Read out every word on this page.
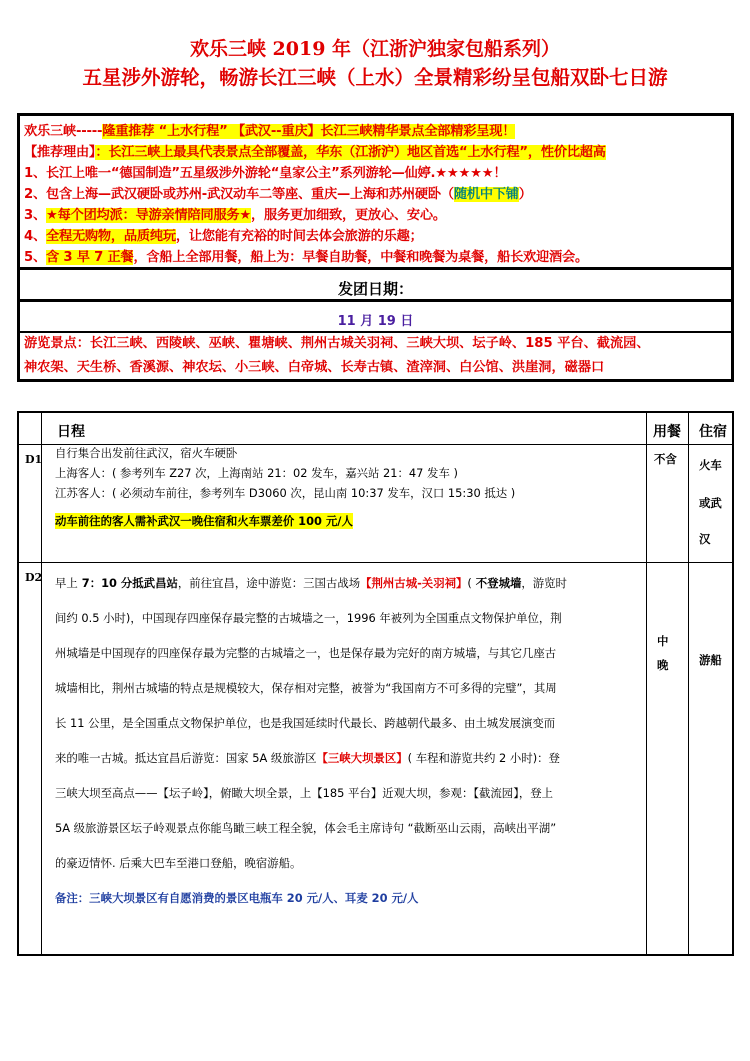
欢乐三峡 2019 年（江浙沪独家包船系列）
五星涉外游轮，畅游长江三峡（上水）全景精彩纷呈包船双卧七日游
欢乐三峡-----隆重推荐 “上水行程” 【武汉--重庆】长江三峡精华景点全部精彩呈现！
【推荐理由】：长江三峡上最具代表景点全部覆盖，华东（江浙沪）地区首选“上水行程”，性价比超高
1、长江上唯一“德国制造”五星级涉外游轮“皇家公主”系列游轮—仙婷.★★★★★！
2、包含上海—武汉硬卧或苏州-武汉动车二等座、重庆—上海和苏州硬卧（随机中下铺）
3、★每个团均派：导游亲情陪同服务★，服务更加细致，更放心、安心。
4、全程无购物，品质纯玩，让您能有充裕的时间去体会旅游的乐趣；
5、含 3 早 7 正餐，含船上全部用餐，船上为：早餐自助餐，中餐和晚餐为桌餐，船长欢迎酒会。
发团日期：
11 月 19 日
游览景点：长江三峡、西陵峡、巫峡、瞿塘峡、荆州古城关羽祠、三峡大坝、坛子岭、185 平台、截流园、
神农架、天生桥、香溪源、神农坛、小三峡、白帝城、长寿古镇、渣滓洞、白公馆、洪崖洞，磁器口
日程	用餐 住宿
D1 自行集合出发前往武汉，宿火车硬卧
上海客人：( 参考列车 Z27 次，上海南站 21：02 发车，嘉兴站 21：47 发车 )
江苏客人：( 必须动车前往，参考列车 D3060 次，昆山南 10:37 发车，汉口 15:30 抵达 )
动车前往的客人需补武汉一晚住宿和火车票差价 100 元/人
不含 火车
或武
汉
D2 早上 7：10 分抵武昌站，前往宜昌，途中游览：三国古战场【荆州古城-关羽祠】( 不登城墙，游览时
间约 0.5 小时)，中国现存四座保存最完整的古城墙之一，1996 年被列为全国重点文物保护单位，荆
州城墙是中国现存的四座保存最为完整的古城墙之一，也是保存最为完好的南方城墙，与其它几座古
城墙相比，荆州古城墙的特点是规模较大，保存相对完整，被誉为“我国南方不可多得的完璧”，其周
长 11 公里，是全国重点文物保护单位，也是我国延续时代最长、跨越朝代最多、由土城发展演变而
来的唯一古城。抵达宜昌后游览：国家 5A 级旅游区【三峡大坝景区】( 车程和游览共约 2 小时)：登
三峡大坝至高点——【坛子岭】，俯瞰大坝全景，上【185 平台】近观大坝，参观：【截流园】，登上
5A 级旅游景区坛子岭观景点你能鸟瞰三峡工程全貌，体会毛主席诗句 “截断巫山云雨，高峡出平湖”
的豪迈情怀. 后乘大巴车至港口登船，晚宿游船。
备注：三峡大坝景区有自愿消费的景区电瓶车 20 元/人、耳麦 20 元/人
中
晚	游船
